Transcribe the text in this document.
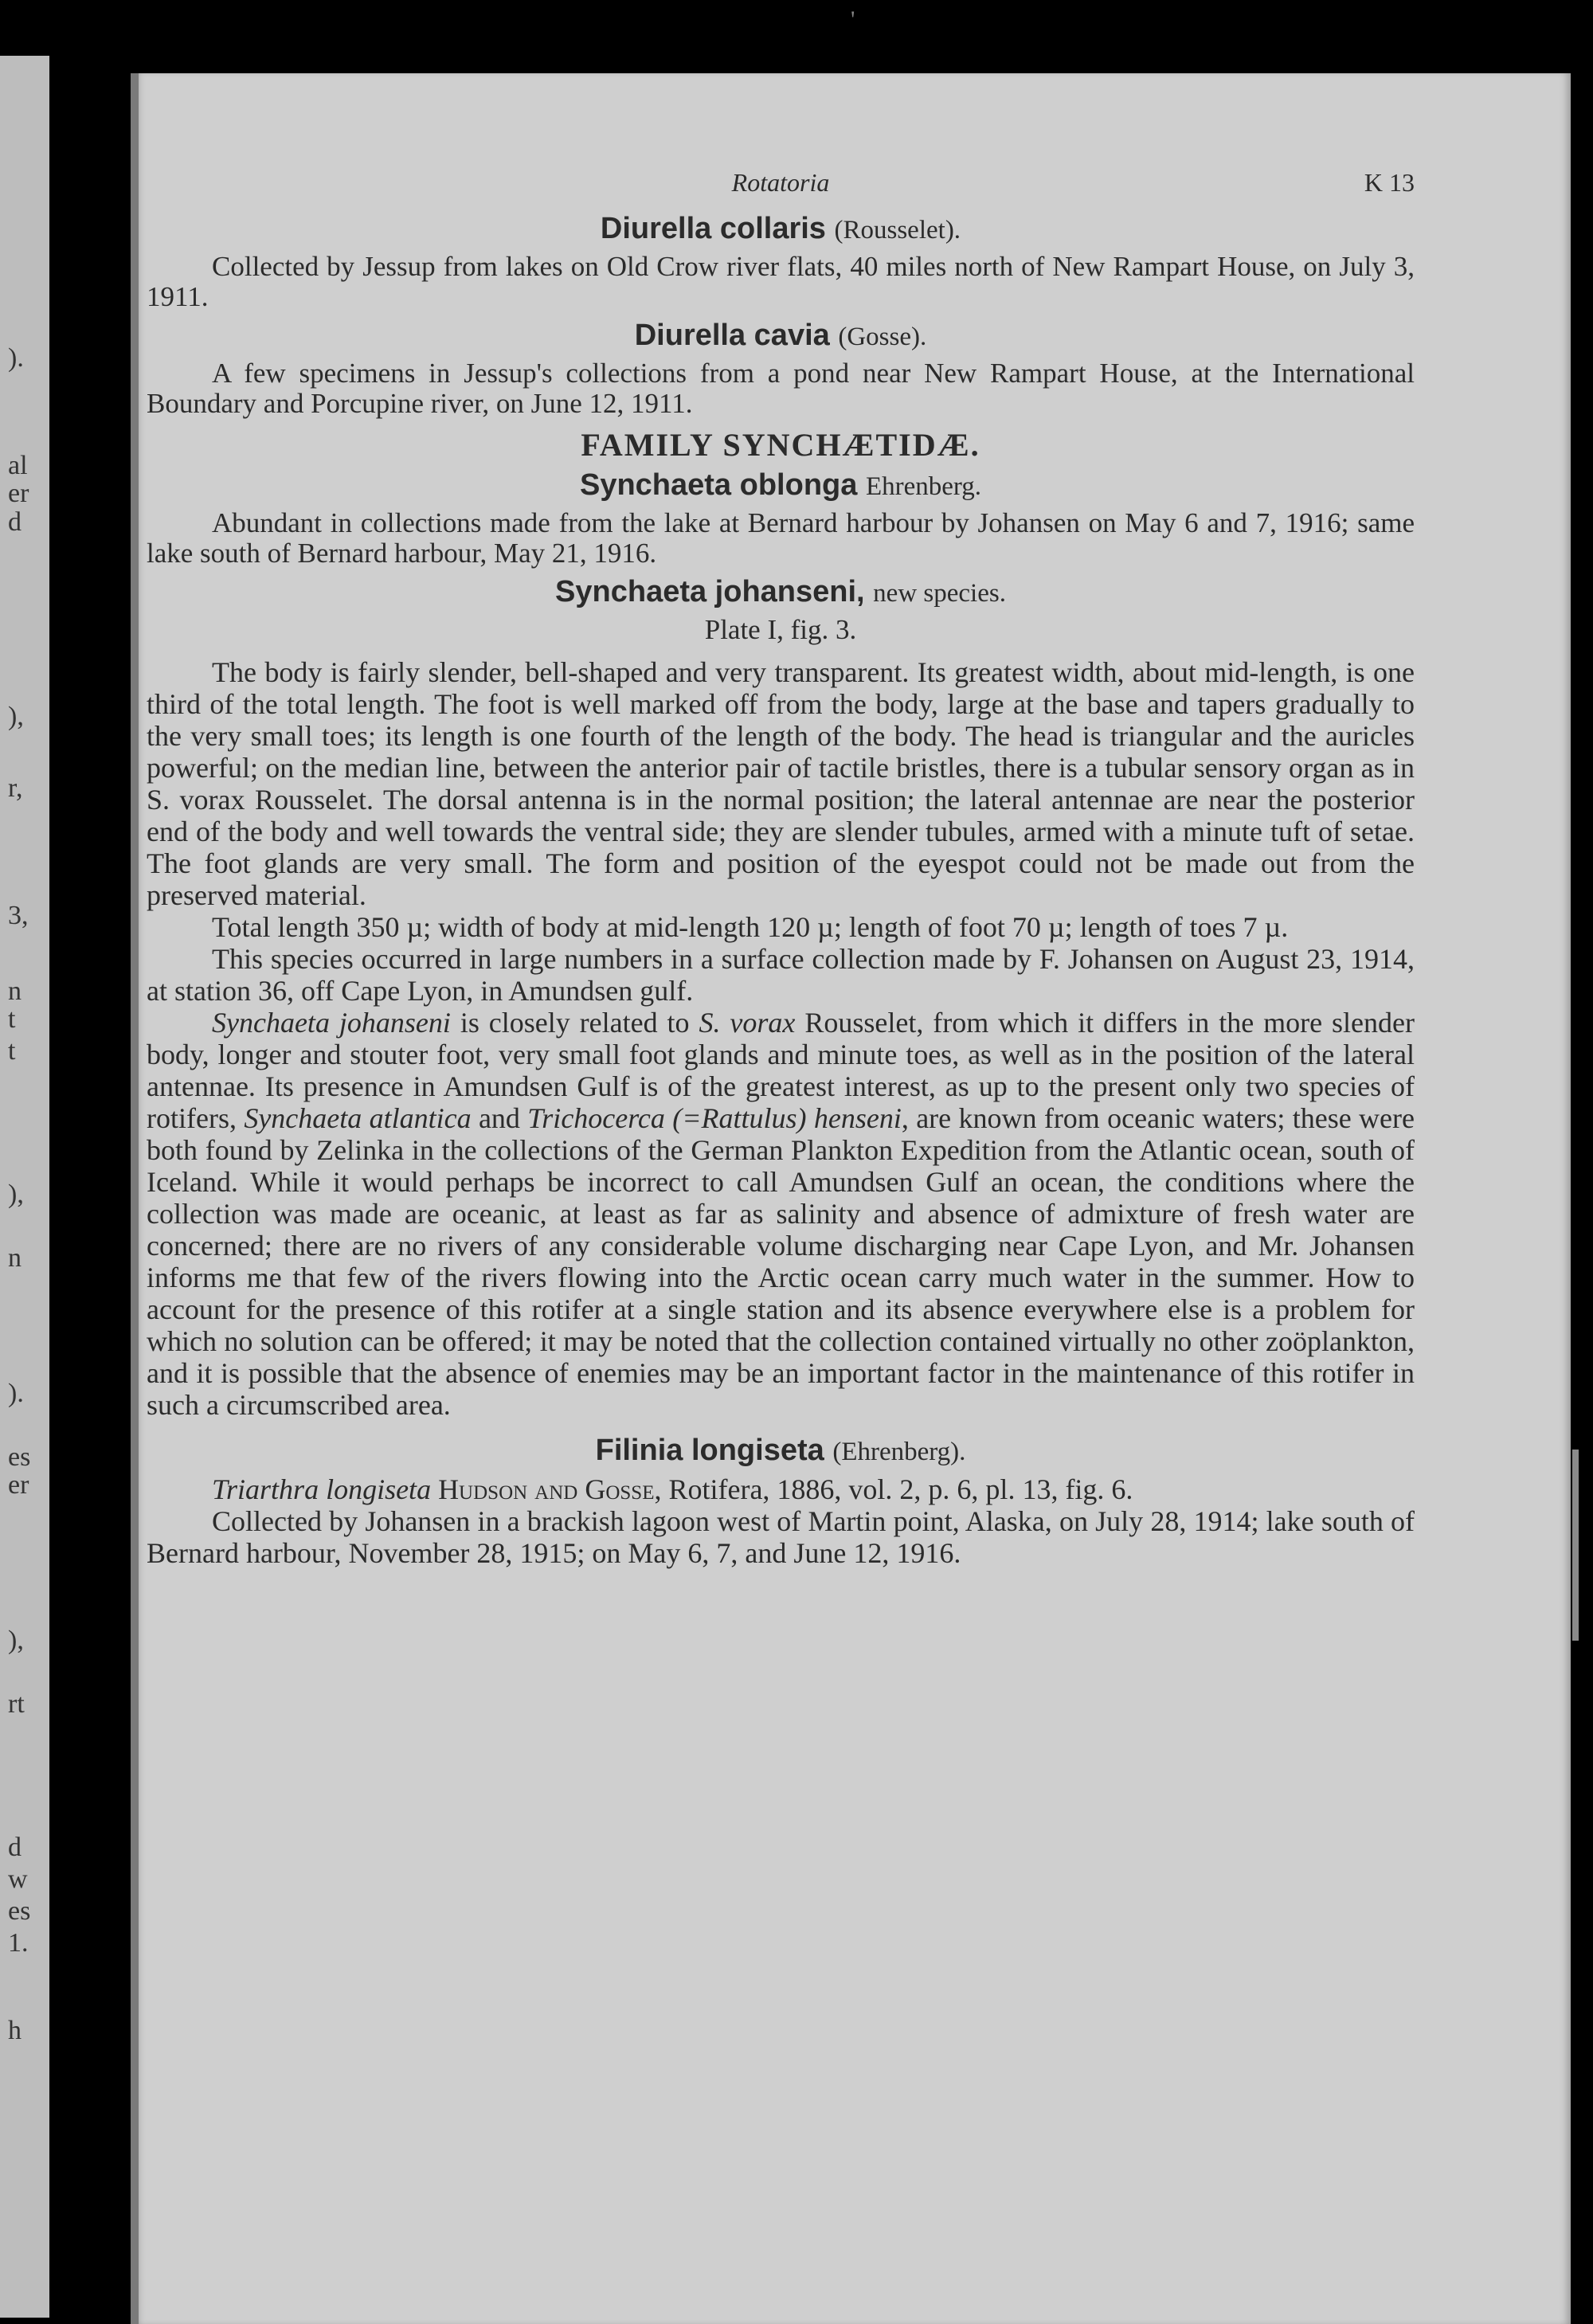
'
).
al
er
d
),
r,
3,
n
t
t
),
n
).
es
er
),
rt
d
w
es
1.
h
Rotatoria	K 13
Diurella collaris (Rousselet).

Collected by Jessup from lakes on Old Crow river flats, 40 miles north of New Rampart House, on July 3, 1911.

Diurella cavia (Gosse).

A few specimens in Jessup's collections from a pond near New Rampart House, at the International Boundary and Porcupine river, on June 12, 1911.

FAMILY SYNCHÆTIDÆ.
Synchaeta oblonga Ehrenberg.

Abundant in collections made from the lake at Bernard harbour by Johansen on May 6 and 7, 1916; same lake south of Bernard harbour, May 21, 1916.

Synchaeta johanseni, new species.
Plate I, fig. 3.

The body is fairly slender, bell-shaped and very transparent. Its greatest width, about mid-length, is one third of the total length. The foot is well marked off from the body, large at the base and tapers gradually to the very small toes; its length is one fourth of the length of the body. The head is triangular and the auricles powerful; on the median line, between the anterior pair of tactile bristles, there is a tubular sensory organ as in S. vorax Rousselet. The dorsal antenna is in the normal position; the lateral antennae are near the posterior end of the body and well towards the ventral side; they are slender tubules, armed with a minute tuft of setae. The foot glands are very small. The form and position of the eyespot could not be made out from the preserved material.

Total length 350 µ; width of body at mid-length 120 µ; length of foot 70 µ; length of toes 7 µ.

This species occurred in large numbers in a surface collection made by F. Johansen on August 23, 1914, at station 36, off Cape Lyon, in Amundsen gulf.

Synchaeta johanseni is closely related to S. vorax Rousselet, from which it differs in the more slender body, longer and stouter foot, very small foot glands and minute toes, as well as in the position of the lateral antennae. Its presence in Amundsen Gulf is of the greatest interest, as up to the present only two species of rotifers, Synchaeta atlantica and Trichocerca (=Rattulus) henseni, are known from oceanic waters; these were both found by Zelinka in the collections of the German Plankton Expedition from the Atlantic ocean, south of Iceland. While it would perhaps be incorrect to call Amundsen Gulf an ocean, the conditions where the collection was made are oceanic, at least as far as salinity and absence of admixture of fresh water are concerned; there are no rivers of any considerable volume discharging near Cape Lyon, and Mr. Johansen informs me that few of the rivers flowing into the Arctic ocean carry much water in the summer. How to account for the presence of this rotifer at a single station and its absence everywhere else is a problem for which no solution can be offered; it may be noted that the collection contained virtually no other zoöplankton, and it is possible that the absence of enemies may be an important factor in the maintenance of this rotifer in such a circumscribed area.

Filinia longiseta (Ehrenberg).

Triarthra longiseta Hudson and Gosse, Rotifera, 1886, vol. 2, p. 6, pl. 13, fig. 6.

Collected by Johansen in a brackish lagoon west of Martin point, Alaska, on July 28, 1914; lake south of Bernard harbour, November 28, 1915; on May 6, 7, and June 12, 1916.
